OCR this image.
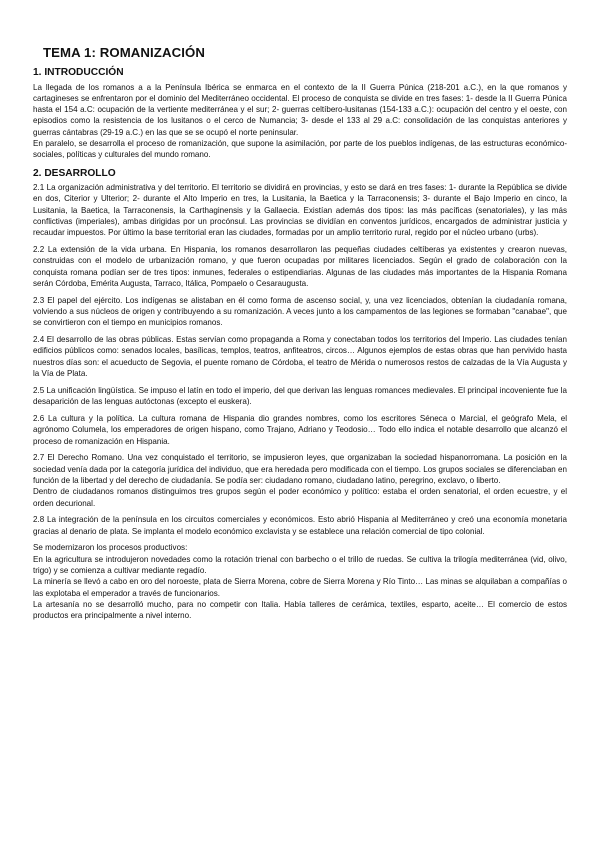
TEMA 1: ROMANIZACIÓN
1. INTRODUCCIÓN

La llegada de los romanos a a la Península Ibérica se enmarca en el contexto de la II Guerra Púnica (218-201 a.C.), en la que romanos y cartagineses se enfrentaron por el dominio del Mediterráneo occidental. El proceso de conquista se divide en tres fases: 1- desde la II Guerra Púnica hasta el 154 a.C: ocupación de la vertiente mediterránea y el sur; 2- guerras celtíbero-lusitanas (154-133 a.C.): ocupación del centro y el oeste, con episodios como la resistencia de los lusitanos o el cerco de Numancia; 3- desde el 133 al 29 a.C: consolidación de las conquistas anteriores y guerras cántabras (29-19 a.C.) en las que se se ocupó el norte peninsular.

En paralelo, se desarrolla el proceso de romanización, que supone la asimilación, por parte de los pueblos indígenas, de las estructuras económico-sociales, políticas y culturales del mundo romano.

2. DESARROLLO

2.1 La organización administrativa y del territorio. El territorio se dividirá en provincias, y esto se dará en tres fases: 1- durante la República se divide en dos, Citerior y Ulterior; 2- durante el Alto Imperio en tres, la Lusitania, la Baetica y la Tarraconensis; 3- durante el Bajo Imperio en cinco, la Lusitania, la Baetica, la Tarraconensis, la Carthaginensis y la Gallaecia. Existían además dos tipos: las más pacíficas (senatoriales), y las más conflictivas (imperiales), ambas dirigidas por un procónsul. Las provincias se dividían en conventos jurídicos, encargados de administrar justicia y recaudar impuestos. Por último la base territorial eran las ciudades, formadas por un amplio territorio rural, regido por el núcleo urbano (urbs).

2.2 La extensión de la vida urbana. En Hispania, los romanos desarrollaron las pequeñas ciudades celtíberas ya existentes y crearon nuevas, construidas con el modelo de urbanización romano, y que fueron ocupadas por militares licenciados. Según el grado de colaboración con la conquista romana podían ser de tres tipos: inmunes, federales o estipendiarias. Algunas de las ciudades más importantes de la Hispania Romana serán Córdoba, Emérita Augusta, Tarraco, Itálica, Pompaelo o Cesaraugusta.

2.3 El papel del ejército. Los indígenas se alistaban en él como forma de ascenso social, y, una vez licenciados, obtenían la ciudadanía romana, volviendo a sus núcleos de origen y contribuyendo a su romanización. A veces junto a los campamentos de las legiones se formaban "canabae", que se convirtieron con el tiempo en municipios romanos.

2.4 El desarrollo de las obras públicas. Estas servían como propaganda a Roma y conectaban todos los territorios del Imperio. Las ciudades tenían edificios públicos como: senados locales, basílicas, templos, teatros, anfiteatros, circos… Algunos ejemplos de estas obras que han pervivido hasta nuestros días son: el acueducto de Segovia, el puente romano de Córdoba, el teatro de Mérida o numerosos restos de calzadas de la Vía Augusta y la Vía de Plata.

2.5 La unificación lingüística. Se impuso el latín en todo el imperio, del que derivan las lenguas romances medievales. El principal incoveniente fue la desaparición de las lenguas autóctonas (excepto el euskera).

2.6 La cultura y la política. La cultura romana de Hispania dio grandes nombres, como los escritores Séneca o Marcial, el geógrafo Mela, el agrónomo Columela, los emperadores de origen hispano, como Trajano, Adriano y Teodosio… Todo ello indica el notable desarrollo que alcanzó el proceso de romanización en Hispania.

2.7 El Derecho Romano. Una vez conquistado el territorio, se impusieron leyes, que organizaban la sociedad hispanorromana. La posición en la sociedad venía dada por la categoría jurídica del individuo, que era heredada pero modificada con el tiempo. Los grupos sociales se diferenciaban en función de la libertad y del derecho de ciudadanía. Se podía ser: ciudadano romano, ciudadano latino, peregrino, exclavo, o liberto.

Dentro de ciudadanos romanos distinguimos tres grupos según el poder económico y político: estaba el orden senatorial, el orden ecuestre, y el orden decurional.

2.8 La integración de la península en los circuitos comerciales y económicos. Esto abrió Hispania al Mediterráneo y creó una economía monetaria gracias al denario de plata. Se implanta el modelo económico exclavista y se establece una relación comercial de tipo colonial.

Se modernizaron los procesos productivos:

En la agricultura se introdujeron novedades como la rotación trienal con barbecho o el trillo de ruedas. Se cultiva la trilogía mediterránea (vid, olivo, trigo) y se comienza a cultivar mediante regadío.

La minería se llevó a cabo en oro del noroeste, plata de Sierra Morena, cobre de Sierra Morena y Río Tinto… Las minas se alquilaban a compañías o las explotaba el emperador a través de funcionarios.

La artesanía no se desarrolló mucho, para no competir con Italia. Había talleres de cerámica, textiles, esparto, aceite… El comercio de estos productos era principalmente a nivel interno.
